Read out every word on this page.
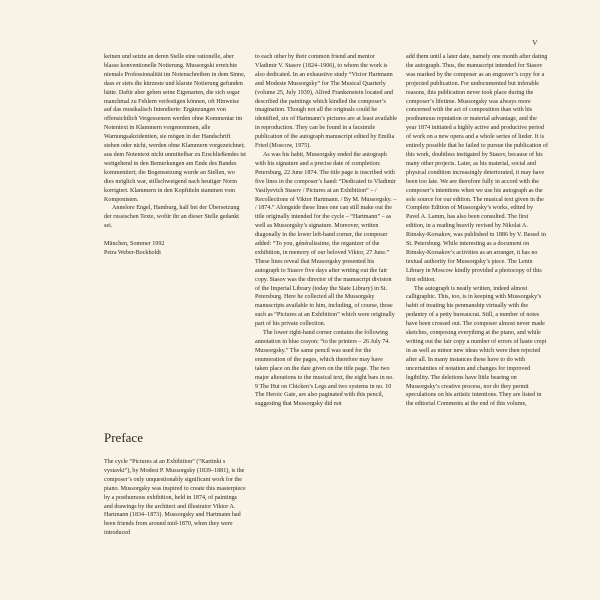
V

keinen und setzte an deren Stelle eine rationelle, aber blasse konventionelle Notierung. Mussorgski erreichte niemals Professionalität im Notenschreiben in dem Sinne, dass er stets die kürzeste und klarste Notierung gefunden hätte. Dafür aber geben seine Eigenarten, die sich sogar manchmal zu Fehlern verfestigen können, oft Hinweise auf das musikalisch Intendierte: Ergänzungen von offensichtlich Vergessenem werden ohne Kommentar im Notentext in Klammern vorgenommen, alle Warnungsakzidentien, sie mögen in der Handschrift stehen oder nicht, werden ohne Klammern vorgezeichnet; aus dem Notentext nicht unmittelbar zu Erschließendes ist weitgehend in den Bemerkungen am Ende des Bandes kommentiert; die Bogensetzung wurde an Stellen, wo dies möglich war, stillschweigend nach heutiger Norm korrigiert. Klammern in den Kopftiteln stammen vom Komponisten.

Annelore Engel, Hamburg, half bei der Übersetzung der russischen Texte, wofür ihr an dieser Stelle gedankt sei.

München, Sommer 1992

Petra Weber-Bockholdt

Preface

The cycle “Pictures at an Exhibition” (“Kartinki s vystavki”), by Modest P. Mussorgsky (1839–1881), is the composer’s only unquestionably significant work for the piano. Mussorgsky was inspired to create this masterpiece by a posthumous exhibition, held in 1874, of paintings and drawings by the architect and illustrator Viktor A. Hartmann (1834–1873). Mussorgsky and Hartmann had been friends from around mid-1870, when they were introduced

to each other by their common friend and mentor Vladimir V. Stasov (1824–1906), to whom the work is also dedicated. In an exhaustive study “Victor Hartmann and Modeste Mussorgsky” for The Musical Quarterly (volume 25, July 1939), Alfred Frankenstein located and described the paintings which kindled the composer’s imagination. Though not all the originals could be identified, six of Hartmann’s pictures are at least available in reproduction. They can be found in a facsimile publication of the autograph manuscript edited by Emilia Fried (Moscow, 1975).

As was his habit, Mussorgsky ended the autograph with his signature and a precise date of completion: Petersburg, 22 June 1874. The title page is inscribed with five lines in the composer’s hand: “Dedicated to Vladimir Vasilyevich Stasov / Pictures at an Exhibition” – / Recollections of Viktor Hartmann. / By M. Mussorgsky. – / 1874.” Alongside these lines one can still make out the title originally intended for the cycle – “Hartmann” – as well as Mussorgsky’s signature. Moreover, written diagonally in the lower left-hand corner, the composer added: “To you, généralissime, the organizer of the exhibition, in memory of our beloved Viktor, 27 June.” These lines reveal that Mussorgsky presented his autograph to Stasov five days after writing out the fair copy. Stasov was the director of the manuscript division of the Imperial Library (today the State Library) in St. Petersburg. Here he collected all the Mussorgsky manuscripts available to him, including, of course, those such as “Pictures at an Exhibition” which were originally part of his private collection.

The lower right-hand corner contains the following annotation in blue crayon: “to the printers – 26 July 74. Mussorgsky.” The same pencil was used for the enumeration of the pages, which therefore may have taken place on the date given on the title page. The two major alterations to the musical text, the eight bars in no. 9 The Hut on Chicken’s Legs and two systems in no. 10 The Heroic Gate, are also paginated with this pencil, suggesting that Mussorgsky did not

add them until a later date, namely one month after dating the autograph. Thus, the manuscript intended for Stasov was marked by the composer as an engraver’s copy for a projected publication. For undocumented but inferable reasons, this publication never took place during the composer’s lifetime. Mussorgsky was always more concerned with the act of composition than with his posthumous reputation or material advantage, and the year 1874 initiated a highly active and productive period of work on a new opera and a whole series of lieder. It is entirely possible that he failed to pursue the publication of this work, doubtless instigated by Stasov, because of his many other projects. Later, as his material, social and physical condition increasingly deteriorated, it may have been too late. We are therefore fully in accord with the composer’s intentions when we use his autograph as the sole source for our edition. The musical text given in the Complete Edition of Mussorgsky’s works, edited by Pavel A. Lamm, has also been consulted. The first edition, in a reading heavily revised by Nikolai A. Rimsky-Korsakov, was published in 1886 by V. Bessel in St. Petersburg. While interesting as a document on Rimsky-Korsakov’s activities as an arranger, it has no textual authority for Mussorgsky’s piece. The Lenin Library in Moscow kindly provided a photocopy of this first edition.

The autograph is neatly written, indeed almost calligraphic. This, too, is in keeping with Mussorgsky’s habit of treating his penmanship virtually with the pedantry of a petty bureaucrat. Still, a number of notes have been crossed out. The composer almost never made sketches, composing everything at the piano, and while writing out the fair copy a number of errors of haste crept in as well as minor new ideas which were then rejected after all. In many instances these have to do with uncertainties of notation and changes for improved legibility. The deletions have little bearing on Mussorgsky’s creative process, nor do they permit speculations on his artistic intentions. They are listed in the editorial Comments at the end of this volume,
